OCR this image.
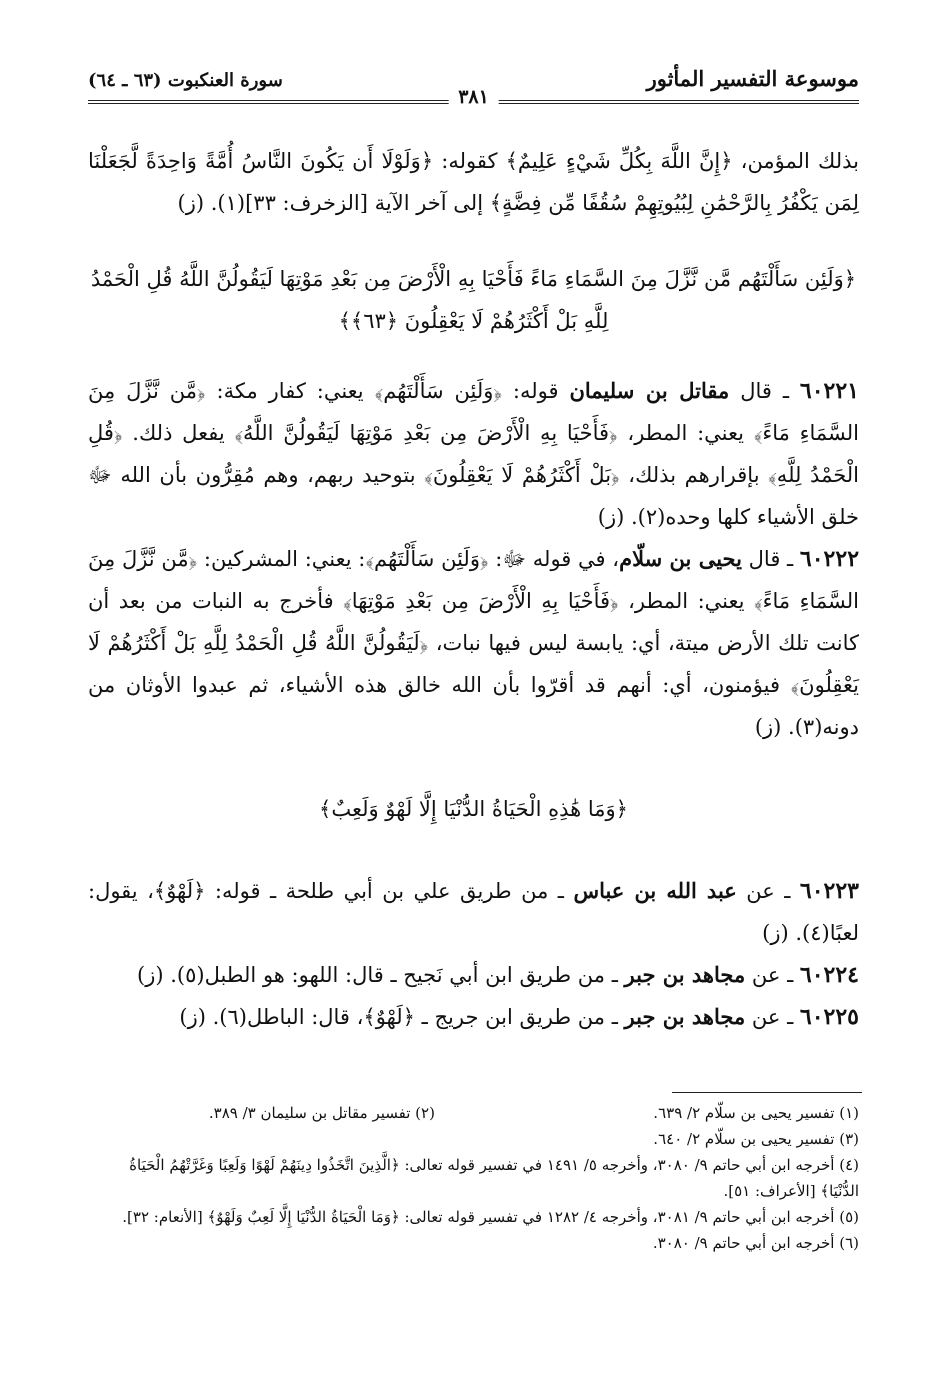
موسوعة التفسير المأثور
سورة العنكبوت (٦٣ ـ ٦٤)
٣٨١

بذلك المؤمن، ﴿إِنَّ اللَّهَ بِكُلِّ شَيْءٍ عَلِيمٌ﴾ كقوله: ﴿وَلَوْلَا أَن يَكُونَ النَّاسُ أُمَّةً وَاحِدَةً لَّجَعَلْنَا لِمَن يَكْفُرُ بِالرَّحْمَٰنِ لِبُيُوتِهِمْ سُقُفًا مِّن فِضَّةٍ﴾ إلى آخر الآية [الزخرف: ٣٣](١). (ز)

﴿وَلَئِن سَأَلْتَهُم مَّن نَّزَّلَ مِنَ السَّمَاءِ مَاءً فَأَحْيَا بِهِ الْأَرْضَ مِن بَعْدِ مَوْتِهَا لَيَقُولُنَّ اللَّهُ قُلِ الْحَمْدُ لِلَّهِ بَلْ أَكْثَرُهُمْ لَا يَعْقِلُونَ ﴿٦٣﴾﴾

٦٠٢٢١ ـ قال مقاتل بن سليمان قوله: ﴿وَلَئِن سَأَلْتَهُم﴾ يعني: كفار مكة: ﴿مَّن نَّزَّلَ مِنَ السَّمَاءِ مَاءً﴾ يعني: المطر، ﴿فَأَحْيَا بِهِ الْأَرْضَ مِن بَعْدِ مَوْتِهَا لَيَقُولُنَّ اللَّهُ﴾ يفعل ذلك. ﴿قُلِ الْحَمْدُ لِلَّهِ﴾ بإقرارهم بذلك، ﴿بَلْ أَكْثَرُهُمْ لَا يَعْقِلُونَ﴾ بتوحيد ربهم، وهم مُقِرُّون بأن الله ﷻ خلق الأشياء كلها وحده(٢). (ز)

٦٠٢٢٢ ـ قال يحيى بن سلّام، في قوله ﷻ: ﴿وَلَئِن سَأَلْتَهُم﴾: يعني: المشركين: ﴿مَّن نَّزَّلَ مِنَ السَّمَاءِ مَاءً﴾ يعني: المطر، ﴿فَأَحْيَا بِهِ الْأَرْضَ مِن بَعْدِ مَوْتِهَا﴾ فأخرج به النبات من بعد أن كانت تلك الأرض ميتة، أي: يابسة ليس فيها نبات، ﴿لَيَقُولُنَّ اللَّهُ قُلِ الْحَمْدُ لِلَّهِ بَلْ أَكْثَرُهُمْ لَا يَعْقِلُونَ﴾ فيؤمنون، أي: أنهم قد أقرّوا بأن الله خالق هذه الأشياء، ثم عبدوا الأوثان من دونه(٣). (ز)

﴿وَمَا هَٰذِهِ الْحَيَاةُ الدُّنْيَا إِلَّا لَهْوٌ وَلَعِبٌ﴾

٦٠٢٢٣ ـ عن عبد الله بن عباس ـ من طريق علي بن أبي طلحة ـ قوله: ﴿لَهْوٌ﴾، يقول: لعبًا(٤). (ز)

٦٠٢٢٤ ـ عن مجاهد بن جبر ـ من طريق ابن أبي نَجيح ـ قال: اللهو: هو الطبل(٥). (ز)

٦٠٢٢٥ ـ عن مجاهد بن جبر ـ من طريق ابن جريج ـ ﴿لَهْوٌ﴾، قال: الباطل(٦). (ز)

(١) تفسير يحيى بن سلّام ٢/ ٦٣٩.
(٢) تفسير مقاتل بن سليمان ٣/ ٣٨٩.

(٣) تفسير يحيى بن سلّام ٢/ ٦٤٠.

(٤) أخرجه ابن أبي حاتم ٩/ ٣٠٨٠، وأخرجه ٥/ ١٤٩١ في تفسير قوله تعالى: ﴿الَّذِينَ اتَّخَذُوا دِينَهُمْ لَهْوًا وَلَعِبًا وَغَرَّتْهُمُ الْحَيَاةُ الدُّنْيَا﴾ [الأعراف: ٥١].

(٥) أخرجه ابن أبي حاتم ٩/ ٣٠٨١، وأخرجه ٤/ ١٢٨٢ في تفسير قوله تعالى: ﴿وَمَا الْحَيَاةُ الدُّنْيَا إِلَّا لَعِبٌ وَلَهْوٌ﴾ [الأنعام: ٣٢].

(٦) أخرجه ابن أبي حاتم ٩/ ٣٠٨٠.
